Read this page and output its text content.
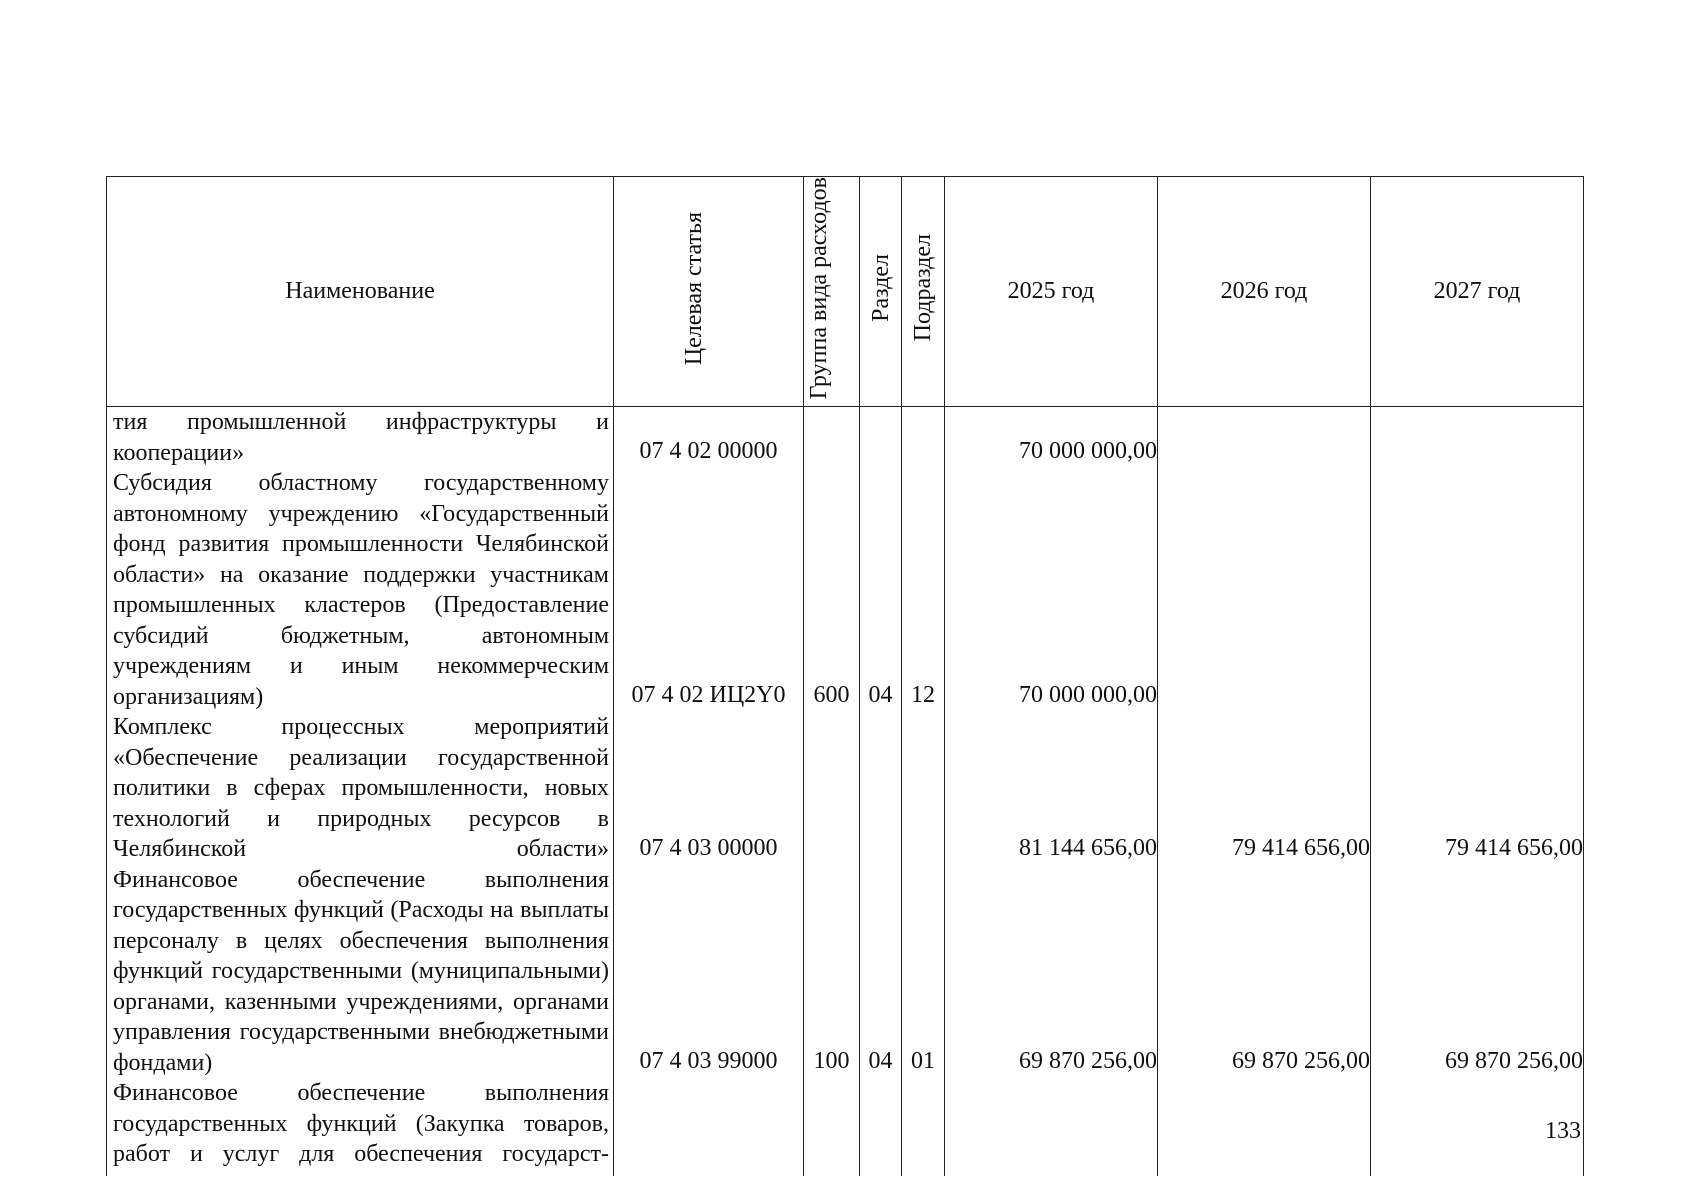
Наименование	Целевая статья	Группа вида расходов	Раздел	Подраздел	2025 год	2026 год	2027 год
тия промышленной инфраструктуры и кооперации»	07 4 02 00000				70 000 000,00		
Субсидия областному государственному автономному учреждению «Государственный фонд развития промышленности Челябинской области» на оказание поддержки участникам промышленных кластеров (Предоставление субсидий бюджетным, автономным учреждениям и иным некоммерческим организациям)	07 4 02 ИЦ2Y0	600	04	12	70 000 000,00		
Комплекс процессных мероприятий «Обеспечение реализации государственной политики в сферах промышленности, новых технологий и природных ресурсов в Челябинской области»	07 4 03 00000				81 144 656,00	79 414 656,00	79 414 656,00
Финансовое обеспечение выполнения государственных функций (Расходы на выплаты персоналу в целях обеспечения выполнения функций государственными (муниципальными) органами, казенными учреждениями, органами управления государственными внебюджетными фондами)	07 4 03 99000	100	04	01	69 870 256,00	69 870 256,00	69 870 256,00
Финансовое обеспечение выполнения государственных функций (Закупка товаров, работ и услуг для обеспечения государст-							

133
